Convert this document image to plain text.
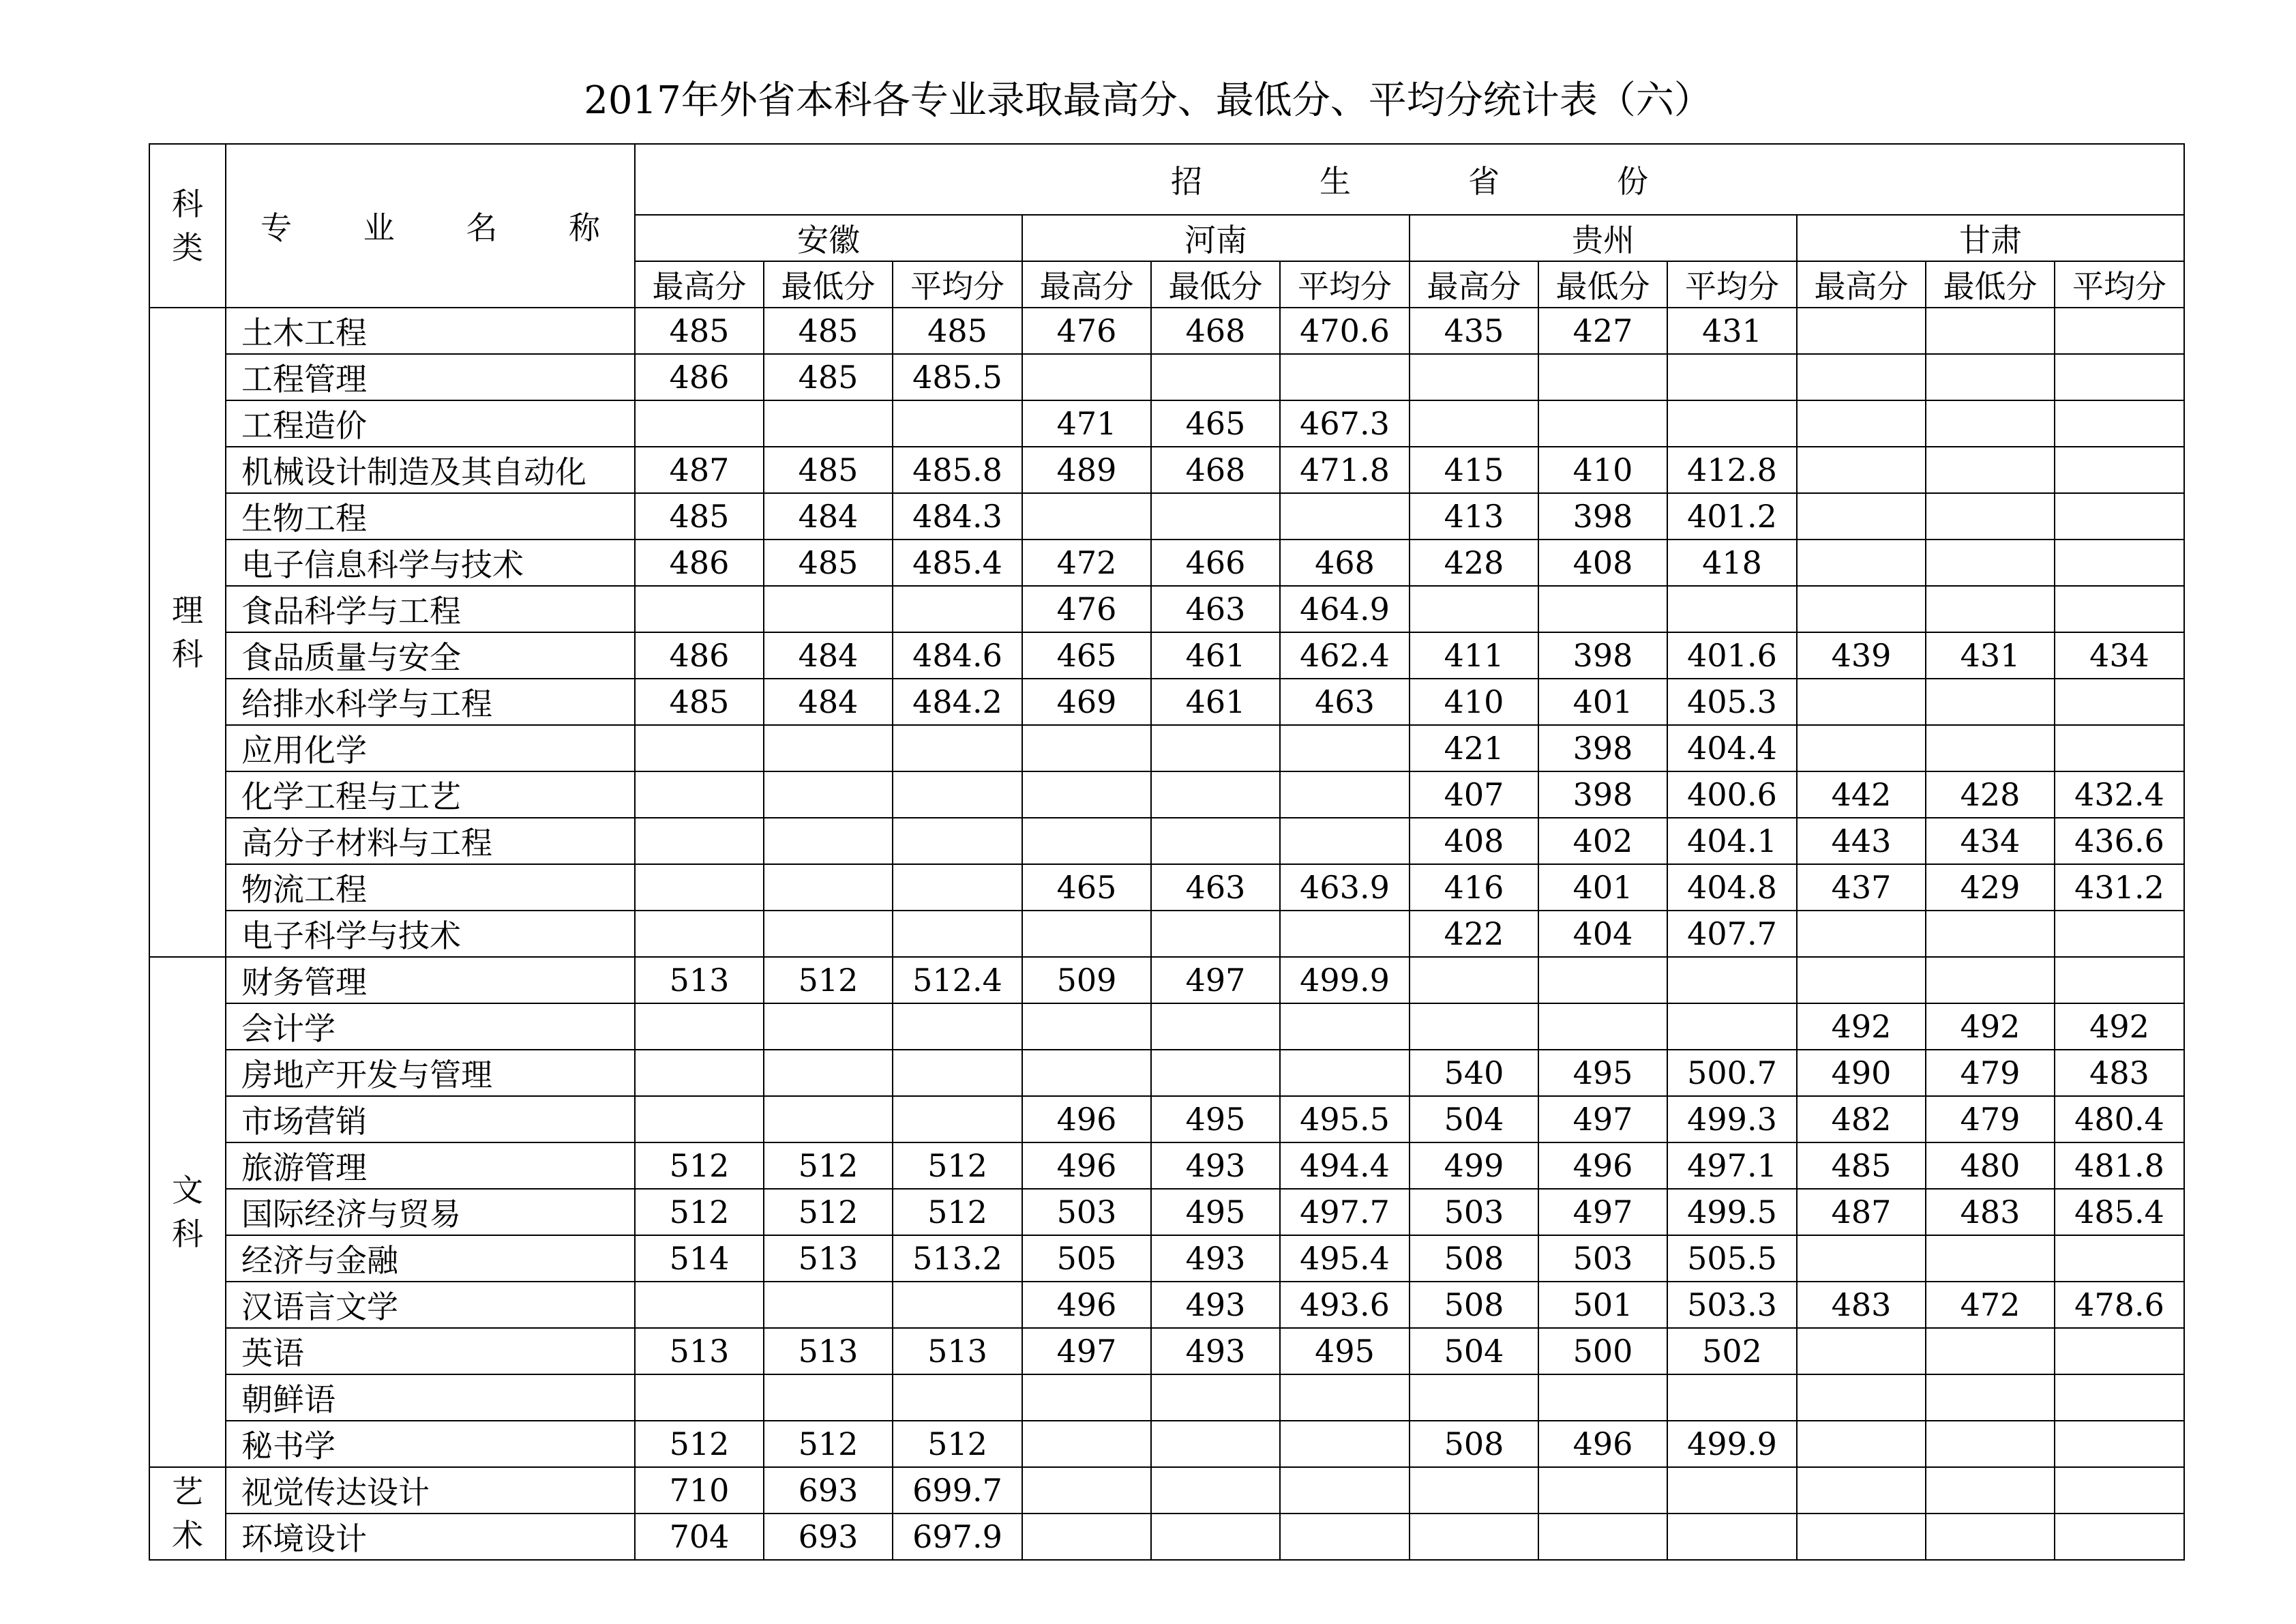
2017年外省本科各专业录取最高分、最低分、平均分统计表（六）
科类	专 业 名 称	招 生 省 份											

		安徽			河南			贵州			甘肃		
		最高分	最低分	平均分	最高分	最低分	平均分	最高分	最低分	平均分	最高分	最低分	平均分
理科	土木工程	485	485	485	476	468	470.6	435	427	431			
	工程管理	486	485	485.5									
	工程造价				471	465	467.3						
	机械设计制造及其自动化	487	485	485.8	489	468	471.8	415	410	412.8			
	生物工程	485	484	484.3				413	398	401.2			
	电子信息科学与技术	486	485	485.4	472	466	468	428	408	418			
	食品科学与工程				476	463	464.9						
	食品质量与安全	486	484	484.6	465	461	462.4	411	398	401.6	439	431	434
	给排水科学与工程	485	484	484.2	469	461	463	410	401	405.3			
	应用化学							421	398	404.4			
	化学工程与工艺							407	398	400.6	442	428	432.4
	高分子材料与工程							408	402	404.1	443	434	436.6
	物流工程				465	463	463.9	416	401	404.8	437	429	431.2
	电子科学与技术							422	404	407.7			
文科	财务管理	513	512	512.4	509	497	499.9						
	会计学										492	492	492
	房地产开发与管理							540	495	500.7	490	479	483
	市场营销				496	495	495.5	504	497	499.3	482	479	480.4
	旅游管理	512	512	512	496	493	494.4	499	496	497.1	485	480	481.8
	国际经济与贸易	512	512	512	503	495	497.7	503	497	499.5	487	483	485.4
	经济与金融	514	513	513.2	505	493	495.4	508	503	505.5			
	汉语言文学				496	493	493.6	508	501	503.3	483	472	478.6
	英语	513	513	513	497	493	495	504	500	502			
	朝鲜语												
	秘书学	512	512	512				508	496	499.9			
艺术	视觉传达设计	710	693	699.7									
	环境设计	704	693	697.9									
